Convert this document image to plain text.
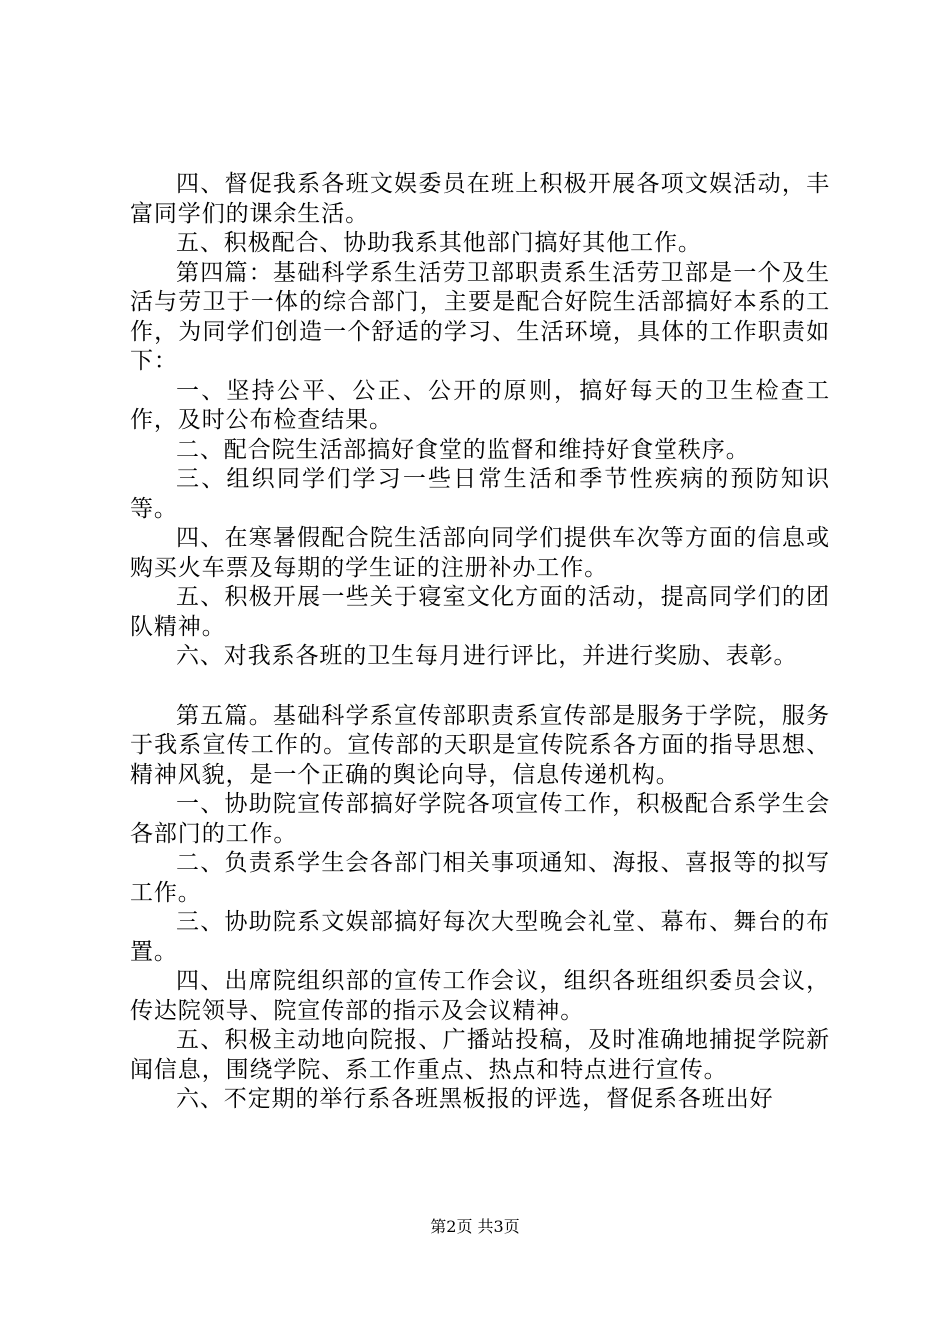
四、督促我系各班文娱委员在班上积极开展各项文娱活动，丰富同学们的课余生活。

五、积极配合、协助我系其他部门搞好其他工作。

第四篇：基础科学系生活劳卫部职责系生活劳卫部是一个及生活与劳卫于一体的综合部门，主要是配合好院生活部搞好本系的工作，为同学们创造一个舒适的学习、生活环境，具体的工作职责如下：

一、坚持公平、公正、公开的原则，搞好每天的卫生检查工作，及时公布检查结果。

二、配合院生活部搞好食堂的监督和维持好食堂秩序。

三、组织同学们学习一些日常生活和季节性疾病的预防知识等。

四、在寒暑假配合院生活部向同学们提供车次等方面的信息或购买火车票及每期的学生证的注册补办工作。

五、积极开展一些关于寝室文化方面的活动，提高同学们的团队精神。

六、对我系各班的卫生每月进行评比，并进行奖励、表彰。

第五篇。基础科学系宣传部职责系宣传部是服务于学院，服务于我系宣传工作的。宣传部的天职是宣传院系各方面的指导思想、精神风貌，是一个正确的舆论向导，信息传递机构。

一、协助院宣传部搞好学院各项宣传工作，积极配合系学生会各部门的工作。

二、负责系学生会各部门相关事项通知、海报、喜报等的拟写工作。

三、协助院系文娱部搞好每次大型晚会礼堂、幕布、舞台的布置。

四、出席院组织部的宣传工作会议，组织各班组织委员会议，传达院领导、院宣传部的指示及会议精神。

五、积极主动地向院报、广播站投稿，及时准确地捕捉学院新闻信息，围绕学院、系工作重点、热点和特点进行宣传。

六、不定期的举行系各班黑板报的评选，督促系各班出好

第2页 共3页
